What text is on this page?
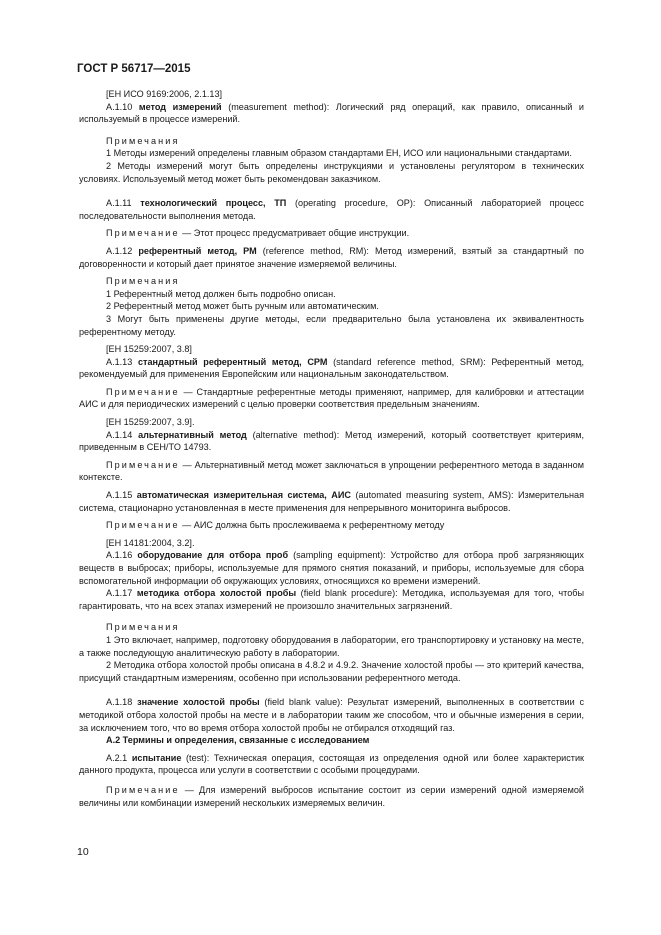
ГОСТ Р 56717—2015

[ЕН ИСО 9169:2006, 2.1.13]

А.1.10 метод измерений (measurement method): Логический ряд операций, как правило, описанный и используемый в процессе измерений.

Примечания

1 Методы измерений определены главным образом стандартами ЕН, ИСО или национальными стандартами.

2 Методы измерений могут быть определены инструкциями и установлены регулятором в технических условиях. Используемый метод может быть рекомендован заказчиком.

А.1.11 технологический процесс, ТП (operating procedure, OP): Описанный лабораторией процесс последовательности выполнения метода.

Примечание — Этот процесс предусматривает общие инструкции.

А.1.12 референтный метод, РМ (reference method, RM): Метод измерений, взятый за стандартный по договоренности и который дает принятое значение измеряемой величины.

Примечания

1 Референтный метод должен быть подробно описан.

2 Референтный метод может быть ручным или автоматическим.

3 Могут быть применены другие методы, если предварительно была установлена их эквивалентность референтному методу.

[ЕН 15259:2007, 3.8]

А.1.13 стандартный референтный метод, СРМ (standard reference method, SRM): Референтный метод, рекомендуемый для применения Европейским или национальным законодательством.

Примечание — Стандартные референтные методы применяют, например, для калибровки и аттестации АИС и для периодических измерений с целью проверки соответствия предельным значениям.

[ЕН 15259:2007, 3.9].

А.1.14 альтернативный метод (alternative method): Метод измерений, который соответствует критериям, приведенным в СЕН/TO 14793.

Примечание — Альтернативный метод может заключаться в упрощении референтного метода в заданном контексте.

А.1.15 автоматическая измерительная система, АИС (automated measuring system, AMS): Измерительная система, стационарно установленная в месте применения для непрерывного мониторинга выбросов.

Примечание — АИС должна быть прослеживаема к референтному методу

[ЕН 14181:2004, 3.2].

А.1.16 оборудование для отбора проб (sampling equipment): Устройство для отбора проб загрязняющих веществ в выбросах; приборы, используемые для прямого снятия показаний, и приборы, используемые для сбора вспомогательной информации об окружающих условиях, относящихся ко времени измерений.

А.1.17 методика отбора холостой пробы (field blank procedure): Методика, используемая для того, чтобы гарантировать, что на всех этапах измерений не произошло значительных загрязнений.

Примечания

1 Это включает, например, подготовку оборудования в лаборатории, его транспортировку и установку на месте, а также последующую аналитическую работу в лаборатории.

2 Методика отбора холостой пробы описана в 4.8.2 и 4.9.2. Значение холостой пробы — это критерий качества, присущий стандартным измерениям, особенно при использовании референтного метода.

А.1.18 значение холостой пробы (field blank value): Результат измерений, выполненных в соответствии с методикой отбора холостой пробы на месте и в лаборатории таким же способом, что и обычные измерения в серии, за исключением того, что во время отбора холостой пробы не отбирался отходящий газ.

А.2 Термины и определения, связанные с исследованием

А.2.1 испытание (test): Техническая операция, состоящая из определения одной или более характеристик данного продукта, процесса или услуги в соответствии с особыми процедурами.

Примечание — Для измерений выбросов испытание состоит из серии измерений одной измеряемой величины или комбинации измерений нескольких измеряемых величин.

10
